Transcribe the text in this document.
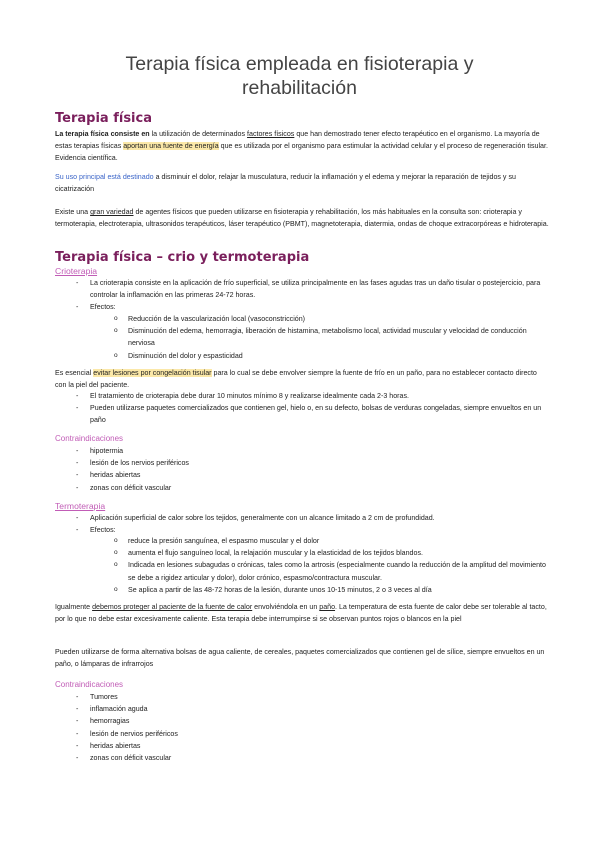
Terapia física empleada en fisioterapia y
rehabilitación
Terapia física

La terapia física consiste en la utilización de determinados factores físicos que han demostrado tener efecto terapéutico en el organismo. La mayoría de estas terapias físicas aportan una fuente de energía que es utilizada por el organismo para estimular la actividad celular y el proceso de regeneración tisular. Evidencia científica.

Su uso principal está destinado a disminuir el dolor, relajar la musculatura, reducir la inflamación y el edema y mejorar la reparación de tejidos y su cicatrización

Existe una gran variedad de agentes físicos que pueden utilizarse en fisioterapia y rehabilitación, los más habituales en la consulta son: crioterapia y termoterapia, electroterapia, ultrasonidos terapéuticos, láser terapéutico (PBMT), magnetoterapia, diatermia, ondas de choque extracorpóreas e hidroterapia.

Terapia física – crio y termoterapia

Crioterapia

- La crioterapia consiste en la aplicación de frío superficial, se utiliza principalmente en las fases agudas tras un daño tisular o postejercicio, para controlar la inflamación en las primeras 24-72 horas.
- Efectos:
o Reducción de la vascularización local (vasoconstricción)
o Disminución del edema, hemorragia, liberación de histamina, metabolismo local, actividad muscular y velocidad de conducción nerviosa
o Disminución del dolor y espasticidad

Es esencial evitar lesiones por congelación tisular para lo cual se debe envolver siempre la fuente de frío en un paño, para no establecer contacto directo con la piel del paciente.

- El tratamiento de crioterapia debe durar 10 minutos mínimo 8 y realizarse idealmente cada 2-3 horas.
- Pueden utilizarse paquetes comercializados que contienen gel, hielo o, en su defecto, bolsas de verduras congeladas, siempre envueltos en un paño

Contraindicaciones

- hipotermia
- lesión de los nervios periféricos
- heridas abiertas
- zonas con déficit vascular

Termoterapia

- Aplicación superficial de calor sobre los tejidos, generalmente con un alcance limitado a 2 cm de profundidad.
- Efectos:
o reduce la presión sanguínea, el espasmo muscular y el dolor
o aumenta el flujo sanguíneo local, la relajación muscular y la elasticidad de los tejidos blandos.
o Indicada en lesiones subagudas o crónicas, tales como la artrosis (especialmente cuando la reducción de la amplitud del movimiento se debe a rigidez articular y dolor), dolor crónico, espasmo/contractura muscular.
o Se aplica a partir de las 48-72 horas de la lesión, durante unos 10-15 minutos, 2 o 3 veces al día

Igualmente debemos proteger al paciente de la fuente de calor envolviéndola en un paño. La temperatura de esta fuente de calor debe ser tolerable al tacto, por lo que no debe estar excesivamente caliente. Esta terapia debe interrumpirse si se observan puntos rojos o blancos en la piel

Pueden utilizarse de forma alternativa bolsas de agua caliente, de cereales, paquetes comercializados que contienen gel de sílice, siempre envueltos en un paño, o lámparas de infrarrojos

Contraindicaciones

- Tumores
- inflamación aguda
- hemorragias
- lesión de nervios periféricos
- heridas abiertas
- zonas con déficit vascular
